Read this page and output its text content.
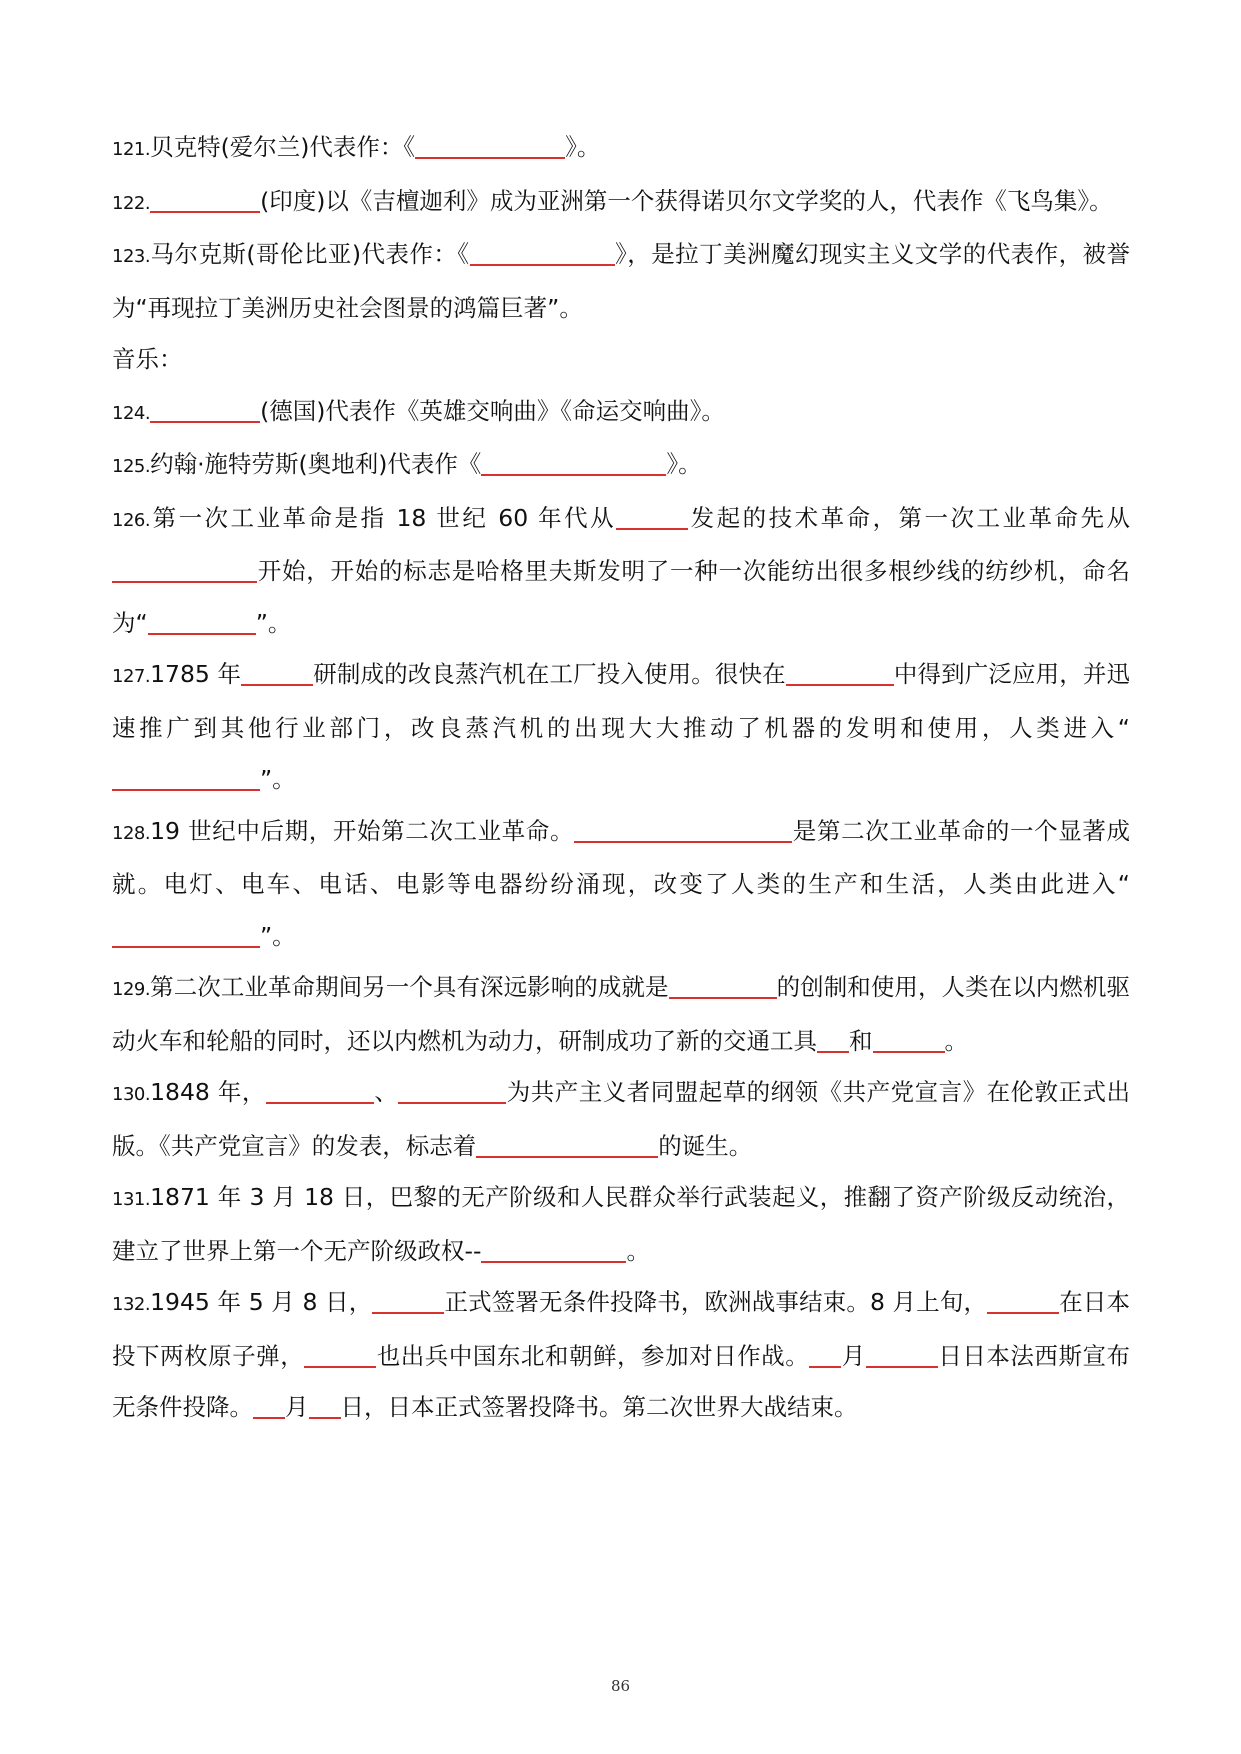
121.贝克特(爱尔兰)代表作：《	》。

122.	(印度)以《吉檀迦利》成为亚洲第一个获得诺贝尔文学奖的人，代表作《飞鸟集》。

123.马尔克斯(哥伦比亚)代表作：《	》，是拉丁美洲魔幻现实主义文学的代表作，被誉为“再现拉丁美洲历史社会图景的鸿篇巨著”。

音乐：

124.	(德国)代表作《英雄交响曲》《命运交响曲》。

125.约翰·施特劳斯(奥地利)代表作《	》。

126.第一次工业革命是指 18 世纪 60 年代从	发起的技术革命，第一次工业革命先从开始，开始的标志是哈格里夫斯发明了一种一次能纺出很多根纱线的纺纱机，命名为“	”。

127.1785 年	研制成的改良蒸汽机在工厂投入使用。很快在	中得到广泛应用，并迅速推广到其他行业部门，改良蒸汽机的出现大大推动了机器的发明和使用，人类进入“”。

128.19 世纪中后期，开始第二次工业革命。	是第二次工业革命的一个显著成就。电灯、电车、电话、电影等电器纷纷涌现，改变了人类的生产和生活，人类由此进入“”。

129.第二次工业革命期间另一个具有深远影响的成就是	的创制和使用，人类在以内燃机驱动火车和轮船的同时，还以内燃机为动力，研制成功了新的交通工具 和	。

130.1848 年，	、	为共产主义者同盟起草的纲领《共产党宣言》在伦敦正式出版。《共产党宣言》的发表，标志着	的诞生。

131.1871 年 3 月 18 日，巴黎的无产阶级和人民群众举行武装起义，推翻了资产阶级反动统治，建立了世界上第一个无产阶级政权--	。

132.1945 年 5 月 8 日，	正式签署无条件投降书，欧洲战事结束。8 月上旬，	在日本投下两枚原子弹，	也出兵中国东北和朝鲜，参加对日作战。 月	日日本法西斯宣布无条件投降。 月 日，日本正式签署投降书。第二次世界大战结束。

86
